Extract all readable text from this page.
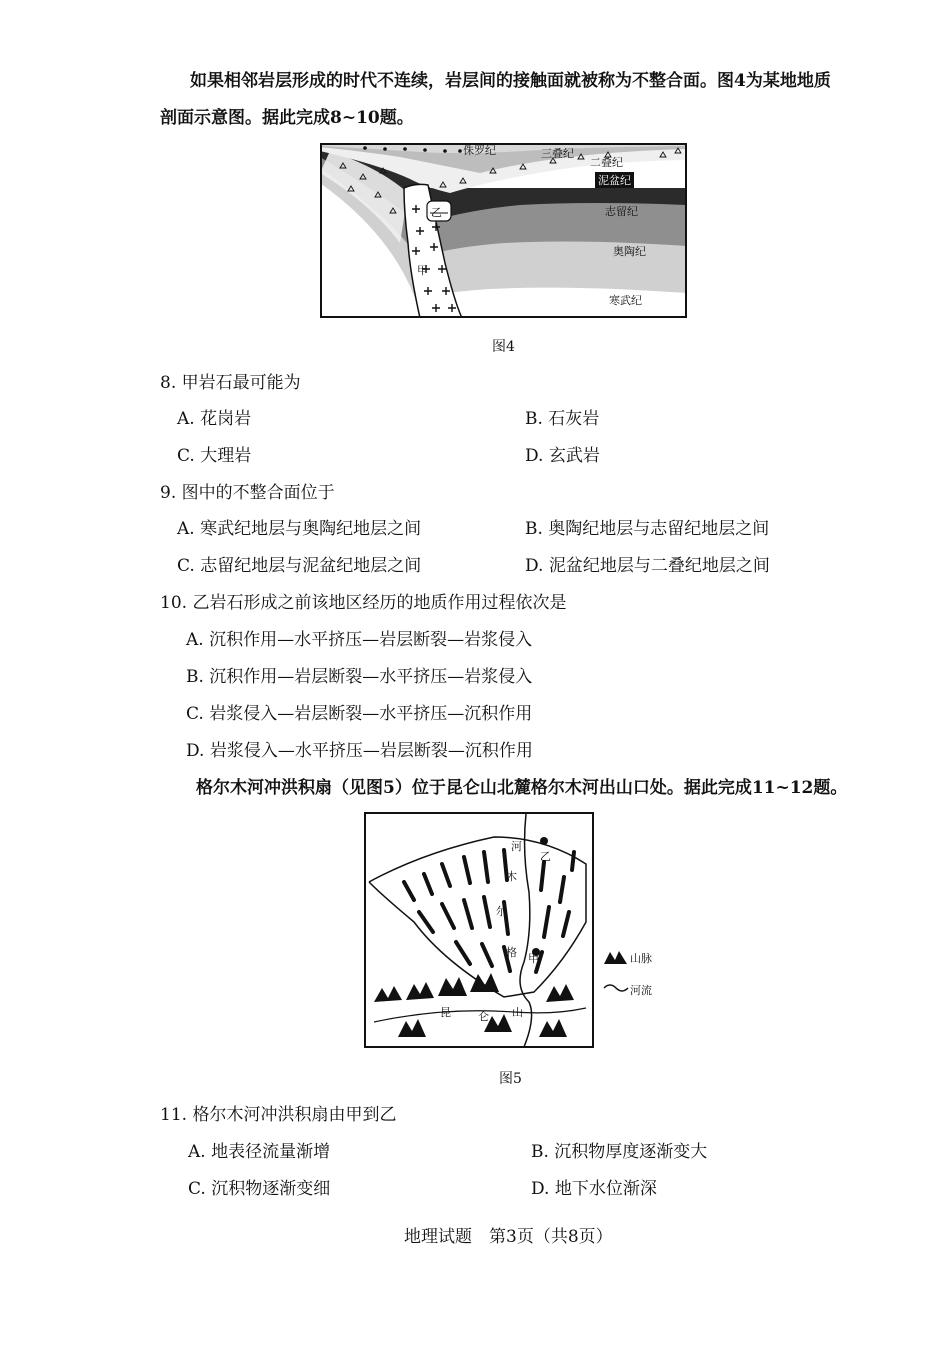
如果相邻岩层形成的时代不连续，岩层间的接触面就被称为不整合面。图4为某地地质
剖面示意图。据此完成8~10题。
侏罗纪	三叠纪
二叠纪
泥盆纪
志留纪
奥陶纪
寒武纪
甲
乙
图4
8. 甲岩石最可能为
A. 花岗岩	B. 石灰岩
C. 大理岩	D. 玄武岩
9. 图中的不整合面位于
A. 寒武纪地层与奥陶纪地层之间	B. 奥陶纪地层与志留纪地层之间
C. 志留纪地层与泥盆纪地层之间	D. 泥盆纪地层与二叠纪地层之间
10. 乙岩石形成之前该地区经历的地质作用过程依次是
A. 沉积作用—水平挤压—岩层断裂—岩浆侵入
B. 沉积作用—岩层断裂—水平挤压—岩浆侵入
C. 岩浆侵入—岩层断裂—水平挤压—沉积作用
D. 岩浆侵入—水平挤压—岩层断裂—沉积作用
格尔木河冲洪积扇（见图5）位于昆仑山北麓格尔木河出山口处。据此完成11~12题。
河
木
尔
格 甲
乙
昆 仑 山
山脉
河流
图5
11. 格尔木河冲洪积扇由甲到乙
A. 地表径流量渐增	B. 沉积物厚度逐渐变大
C. 沉积物逐渐变细	D. 地下水位渐深
地理试题　第3页（共8页）
